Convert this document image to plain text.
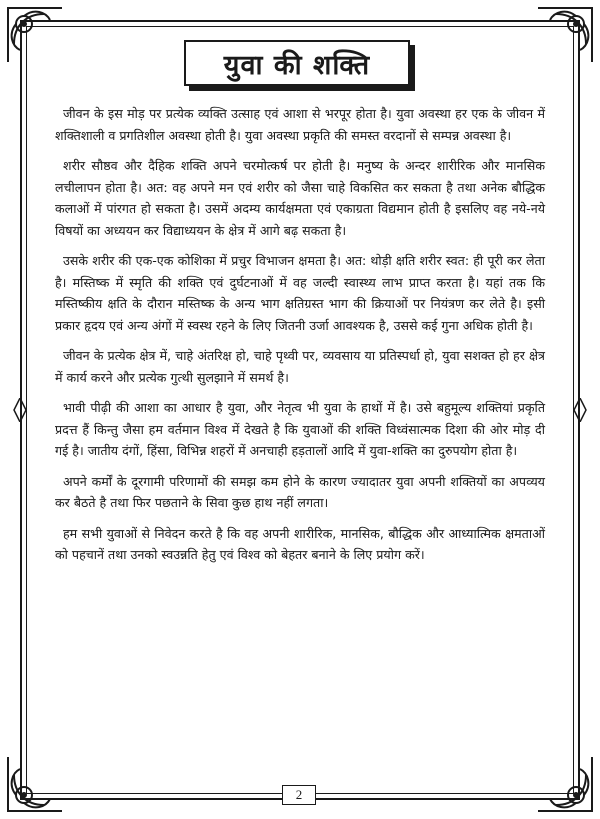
युवा की शक्ति

जीवन के इस मोड़ पर प्रत्येक व्यक्ति उत्साह एवं आशा से भरपूर होता है। युवा अवस्था हर एक के जीवन में शक्तिशाली व प्रगतिशील अवस्था होती है। युवा अवस्था प्रकृति की समस्त वरदानों से सम्पन्न अवस्था है।

शरीर सौष्ठव और दैहिक शक्ति अपने चरमोत्कर्ष पर होती है। मनुष्य के अन्दर शारीरिक और मानसिक लचीलापन होता है। अत: वह अपने मन एवं शरीर को जैसा चाहे विकसित कर सकता है तथा अनेक बौद्धिक कलाओं में पांरगत हो सकता है। उसमें अदम्य कार्यक्षमता एवं एकाग्रता विद्यमान होती है इसलिए वह नये-नये विषयों का अध्ययन कर विद्याध्ययन के क्षेत्र में आगे बढ़ सकता है।

उसके शरीर की एक-एक कोशिका में प्रचुर विभाजन क्षमता है। अत: थोड़ी क्षति शरीर स्वत: ही पूरी कर लेता है। मस्तिष्क में स्मृति की शक्ति एवं दुर्घटनाओं में वह जल्दी स्वास्थ्य लाभ प्राप्त करता है। यहां तक कि मस्तिष्कीय क्षति के दौरान मस्तिष्क के अन्य भाग क्षतिग्रस्त भाग की क्रियाओं पर नियंत्रण कर लेते है। इसी प्रकार हृदय एवं अन्य अंगों में स्वस्थ रहने के लिए जितनी उर्जा आवश्यक है, उससे कई गुना अधिक होती है।

जीवन के प्रत्येक क्षेत्र में, चाहे अंतरिक्ष हो, चाहे पृथ्वी पर, व्यवसाय या प्रतिस्पर्धा हो, युवा सशक्त हो हर क्षेत्र में कार्य करने और प्रत्येक गुत्थी सुलझाने में समर्थ है।

भावी पीढ़ी की आशा का आधार है युवा, और नेतृत्व भी युवा के हाथों में है। उसे बहुमूल्य शक्तियां प्रकृति प्रदत्त हैं किन्तु जैसा हम वर्तमान विश्व में देखते है कि युवाओं की शक्ति विध्वंसात्मक दिशा की ओर मोड़ दी गई है। जातीय दंगों, हिंसा, विभिन्न शहरों में अनचाही हड़तालों आदि में युवा-शक्ति का दुरुपयोग होता है।

अपने कर्मों के दूरगामी परिणामों की समझ कम होने के कारण ज्यादातर युवा अपनी शक्तियों का अपव्यय कर बैठते है तथा फिर पछताने के सिवा कुछ हाथ नहीं लगता।

हम सभी युवाओं से निवेदन करते है कि वह अपनी शारीरिक, मानसिक, बौद्धिक और आध्यात्मिक क्षमताओं को पहचानें तथा उनको स्वउन्नति हेतु एवं विश्व को बेहतर बनाने के लिए प्रयोग करें।

2
